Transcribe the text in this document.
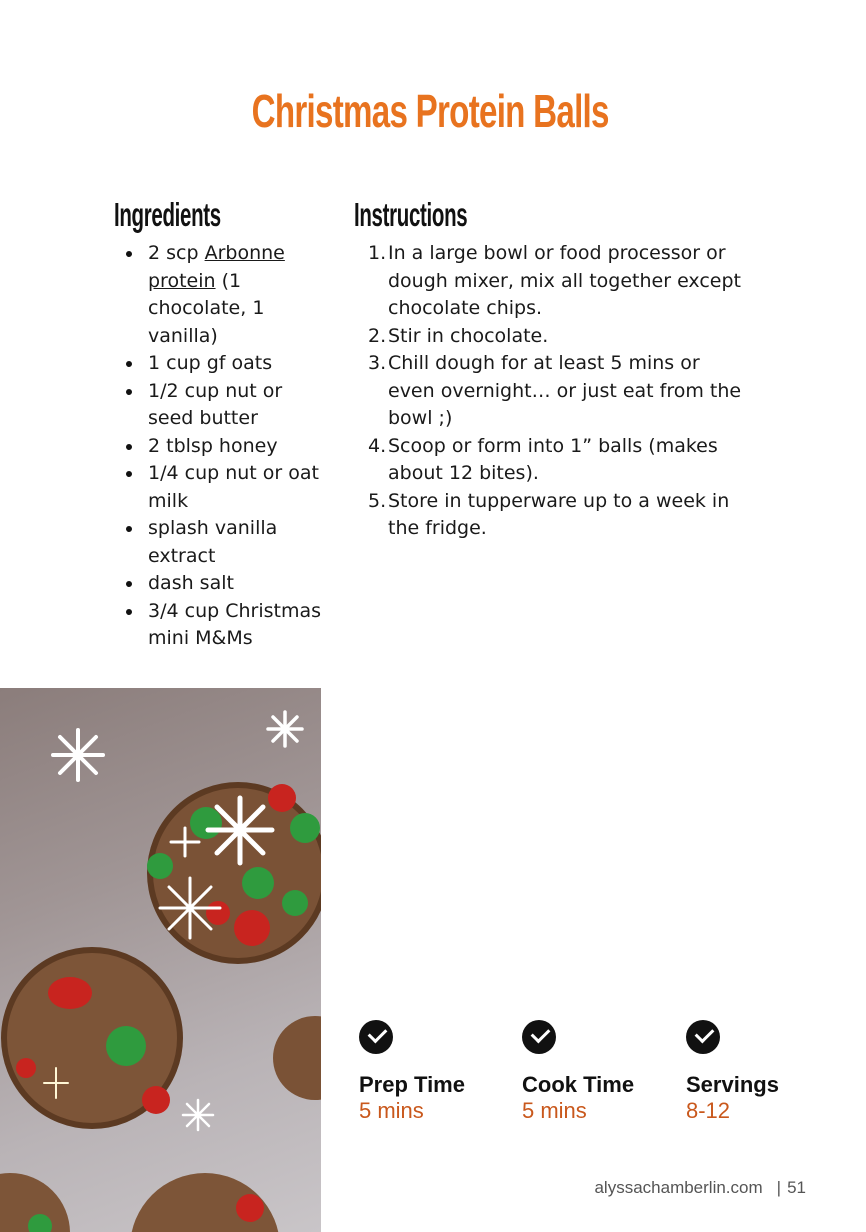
Christmas Protein Balls
Ingredients
2 scp Arbonne protein (1 chocolate, 1 vanilla)
1 cup gf oats
1/2 cup nut or seed butter
2 tblsp honey
1/4 cup nut or oat milk
splash vanilla extract
dash salt
3/4 cup Christmas mini M&Ms
Instructions
1. In a large bowl or food processor or dough mixer, mix all together except chocolate chips.
2. Stir in chocolate.
3. Chill dough for at least 5 mins or even overnight… or just eat from the bowl ;)
4. Scoop or form into 1” balls (makes about 12 bites).
5. Store in tupperware up to a week in the fridge.
Prep Time
5 mins
Cook Time
5 mins
Servings
8-12
alyssachamberlin.com | 51
